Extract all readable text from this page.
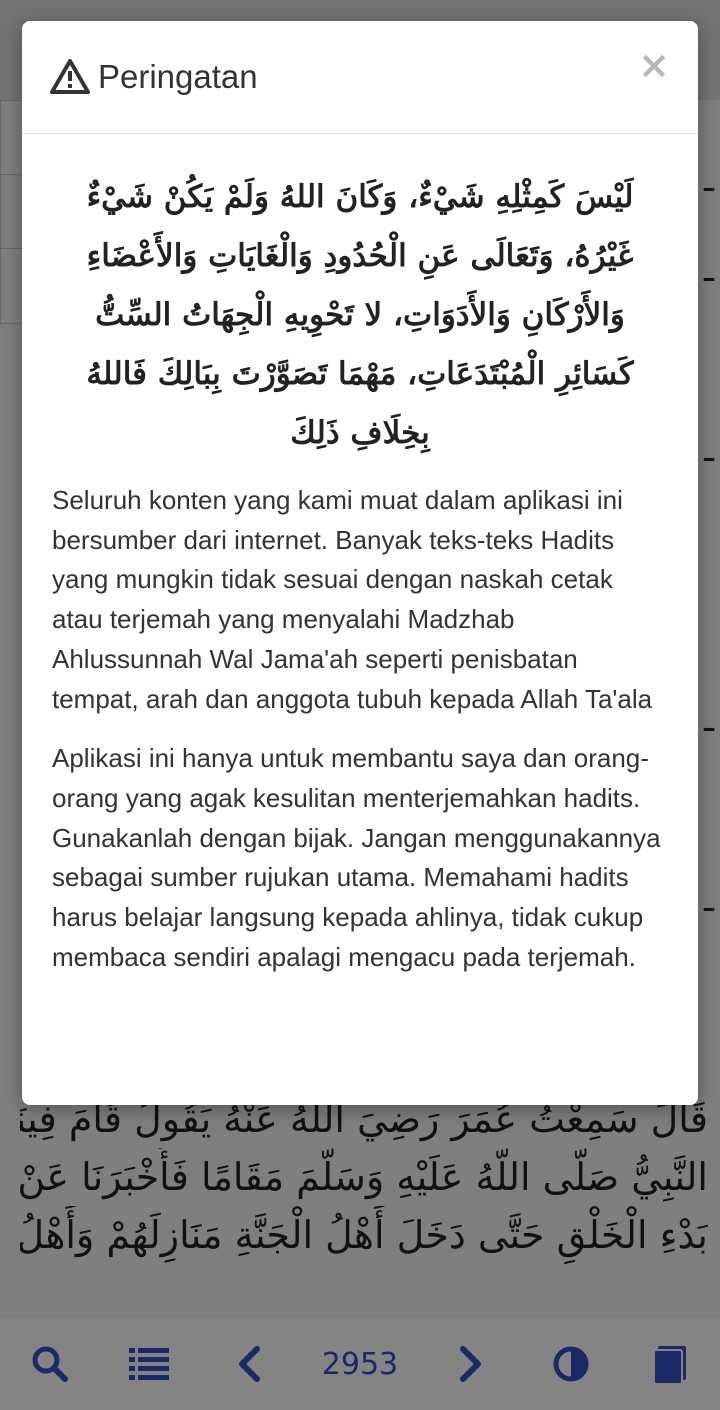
2953
Peringatan	×
لَيْسَ كَمِثْلِهِ شَيْءٌ، وَكَانَ اللهُ وَلَمْ يَكُنْ شَيْءٌ غَيْرُهُ، وَتَعَالَى عَنِ الْحُدُودِ وَالْغَايَاتِ وَالأَعْضَاءِ وَالأَرْكَانِ وَالأَدَوَاتِ، لا تَحْوِيهِ الْجِهَاتُ السِّتُّ كَسَائِرِ الْمُبْتَدَعَاتِ، مَهْمَا تَصَوَّرْتَ بِبَالِكَ فَاللهُ بِخِلَافِ ذَلِكَ

Seluruh konten yang kami muat dalam aplikasi ini bersumber dari internet. Banyak teks-teks Hadits yang mungkin tidak sesuai dengan naskah cetak atau terjemah yang menyalahi Madzhab Ahlussunnah Wal Jama'ah seperti penisbatan tempat, arah dan anggota tubuh kepada Allah Ta'ala

Aplikasi ini hanya untuk membantu saya dan orang-orang yang agak kesulitan menterjemahkan hadits. Gunakanlah dengan bijak. Jangan menggunakannya sebagai sumber rujukan utama. Memahami hadits harus belajar langsung kepada ahlinya, tidak cukup membaca sendiri apalagi mengacu pada terjemah.
